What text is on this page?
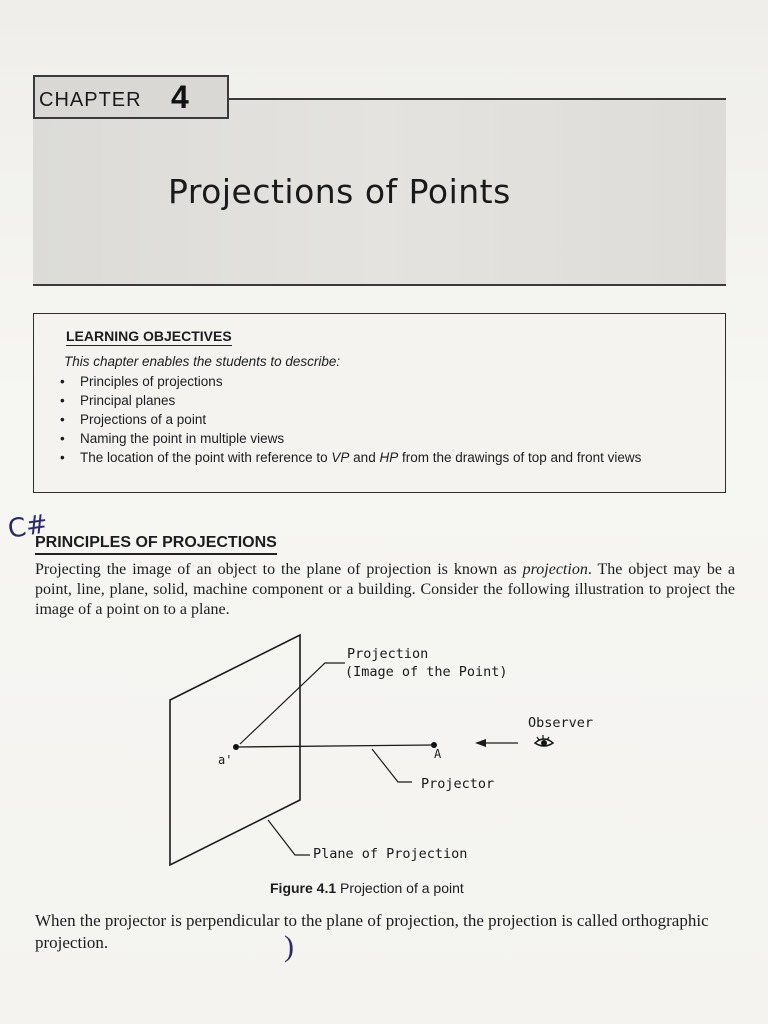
CHAPTER 4
Projections of Points
LEARNING OBJECTIVES
This chapter enables the students to describe:
• Principles of projections
• Principal planes
• Projections of a point
• Naming the point in multiple views
• The location of the point with reference to VP and HP from the drawings of top and front views
C#
PRINCIPLES OF PROJECTIONS
Projecting the image of an object to the plane of projection is known as projection. The object may be a point, line, plane, solid, machine component or a building. Consider the following illustration to project the image of a point on to a plane.
Projection
(Image of the Point)
Observer
a'	A
Projector
Plane of Projection
Figure 4.1 Projection of a point
When the projector is perpendicular to the plane of projection, the projection is called orthographic projection.	)
